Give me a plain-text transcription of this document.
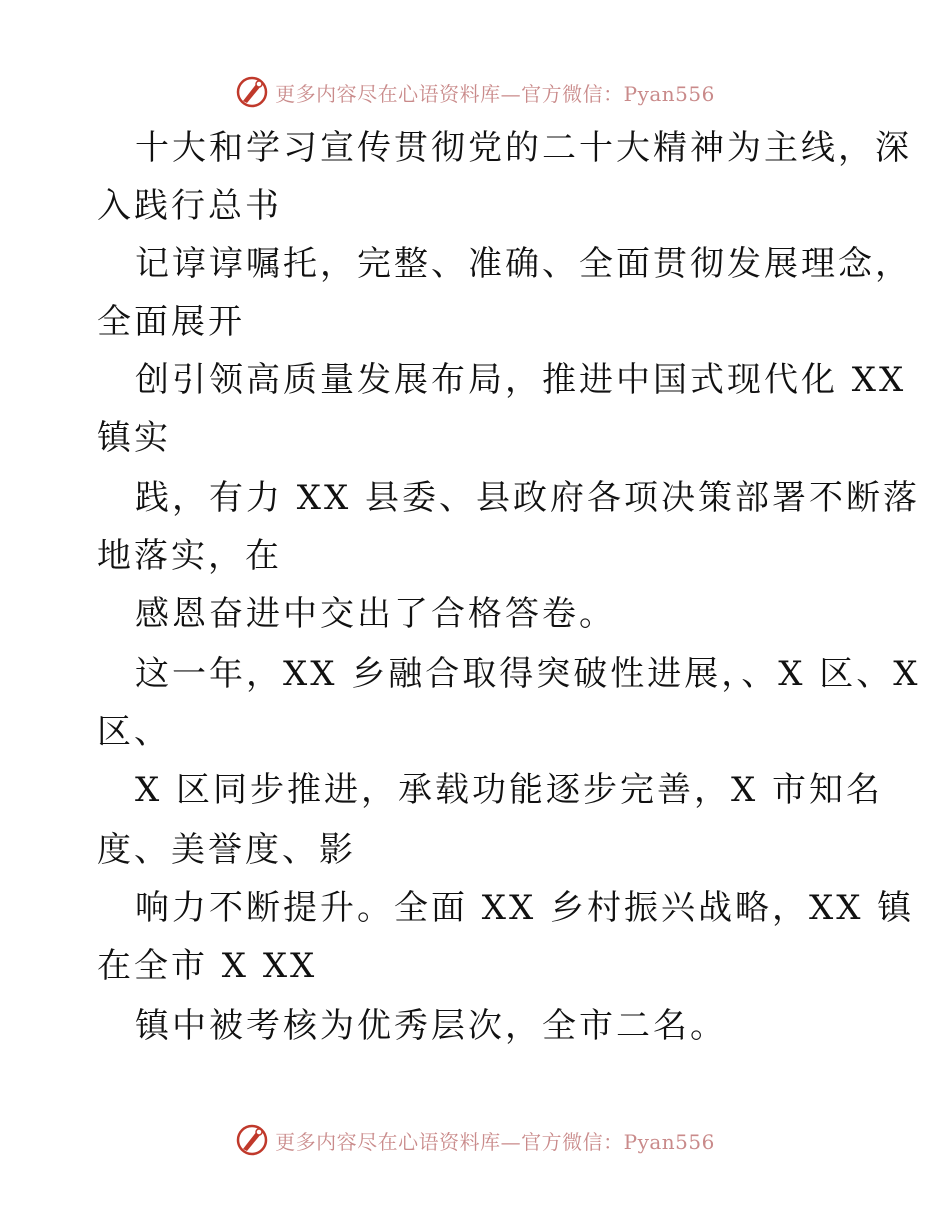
更多内容尽在心语资料库—官方微信：Pyan556
十大和学习宣传贯彻党的二十大精神为主线，深
入践行总书
记谆谆嘱托，完整、准确、全面贯彻发展理念，
全面展开
创引领高质量发展布局，推进中国式现代化 XX
镇实
践，有力 XX 县委、县政府各项决策部署不断落
地落实，在
感恩奋进中交出了合格答卷。
这一年，XX 乡融合取得突破性进展，、X 区、X
区、
X 区同步推进，承载功能逐步完善，X 市知名
度、美誉度、影
响力不断提升。全面 XX 乡村振兴战略，XX 镇
在全市 X XX
镇中被考核为优秀层次，全市二名。
更多内容尽在心语资料库—官方微信：Pyan556
